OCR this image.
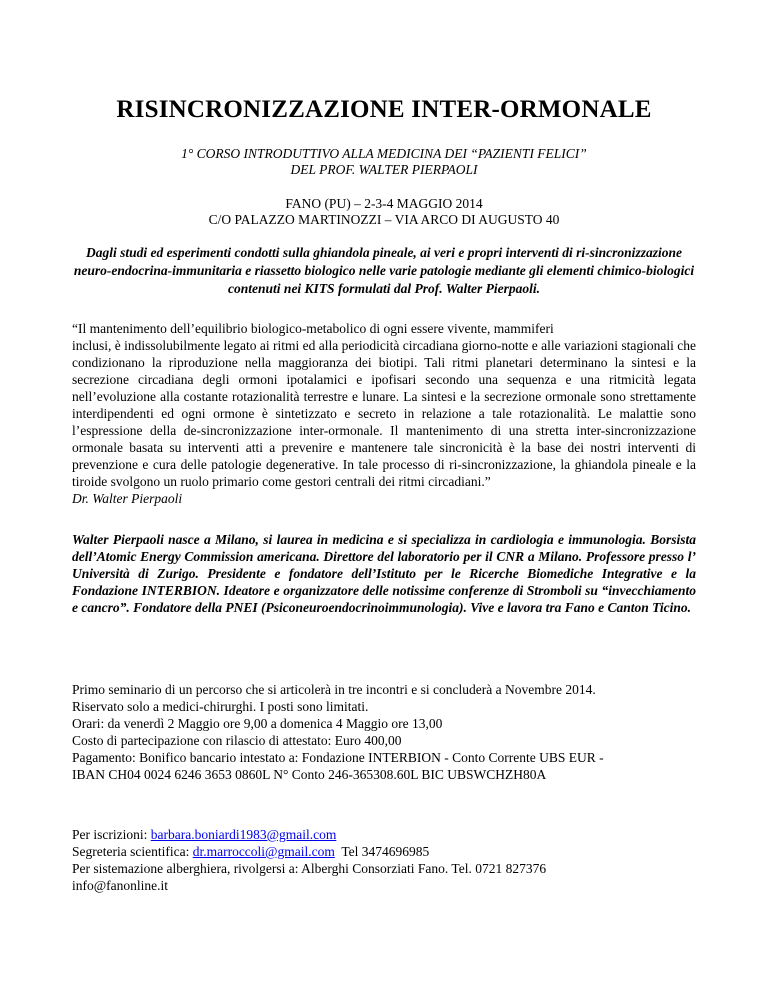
RISINCRONIZZAZIONE INTER-ORMONALE
1° CORSO INTRODUTTIVO ALLA MEDICINA DEI “PAZIENTI FELICI”
DEL PROF. WALTER PIERPAOLI
FANO (PU) – 2-3-4 MAGGIO 2014
C/O PALAZZO MARTINOZZI – VIA ARCO DI AUGUSTO 40
Dagli studi ed esperimenti condotti sulla ghiandola pineale, ai veri e propri interventi di ri-sincronizzazione neuro-endocrina-immunitaria e riassetto biologico nelle varie patologie mediante gli elementi chimico-biologici contenuti nei KITS formulati dal Prof. Walter Pierpaoli.
“Il mantenimento dell’equilibrio biologico-metabolico di ogni essere vivente, mammiferi
inclusi, è indissolubilmente legato ai ritmi ed alla periodicità circadiana giorno-notte e alle variazioni stagionali che condizionano la riproduzione nella maggioranza dei biotipi. Tali ritmi planetari determinano la sintesi e la secrezione circadiana degli ormoni ipotalamici e ipofisari secondo una sequenza e una ritmicità legata nell’evoluzione alla costante rotazionalità terrestre e lunare. La sintesi e la secrezione ormonale sono strettamente interdipendenti ed ogni ormone è sintetizzato e secreto in relazione a tale rotazionalità. Le malattie sono l’espressione della de-sincronizzazione inter-ormonale. Il mantenimento di una stretta inter-sincronizzazione ormonale basata su interventi atti a prevenire e mantenere tale sincronicità è la base dei nostri interventi di prevenzione e cura delle patologie degenerative. In tale processo di ri-sincronizzazione, la ghiandola pineale e la tiroide svolgono un ruolo primario come gestori centrali dei ritmi circadiani.”
Dr. Walter Pierpaoli
Walter Pierpaoli nasce a Milano, si laurea in medicina e si specializza in cardiologia e immunologia. Borsista dell’Atomic Energy Commission americana. Direttore del laboratorio per il CNR a Milano. Professore presso l’ Università di Zurigo. Presidente e fondatore dell’Istituto per le Ricerche Biomediche Integrative e la Fondazione INTERBION. Ideatore e organizzatore delle notissime conferenze di Stromboli su “invecchiamento e cancro”. Fondatore della PNEI (Psiconeuroendocrinoimmunologia). Vive e lavora tra Fano e Canton Ticino.
Primo seminario di un percorso che si articolerà in tre incontri e si concluderà a Novembre 2014.
Riservato solo a medici-chirurghi. I posti sono limitati.
Orari: da venerdì 2 Maggio ore 9,00 a domenica 4 Maggio ore 13,00
Costo di partecipazione con rilascio di attestato: Euro 400,00
Pagamento: Bonifico bancario intestato a: Fondazione INTERBION - Conto Corrente UBS EUR -
IBAN CH04 0024 6246 3653 0860L N° Conto 246-365308.60L BIC UBSWCHZH80A
Per iscrizioni: barbara.boniardi1983@gmail.com
Segreteria scientifica: dr.marroccoli@gmail.com  Tel 3474696985
Per sistemazione alberghiera, rivolgersi a: Alberghi Consorziati Fano. Tel. 0721 827376
info@fanonline.it
